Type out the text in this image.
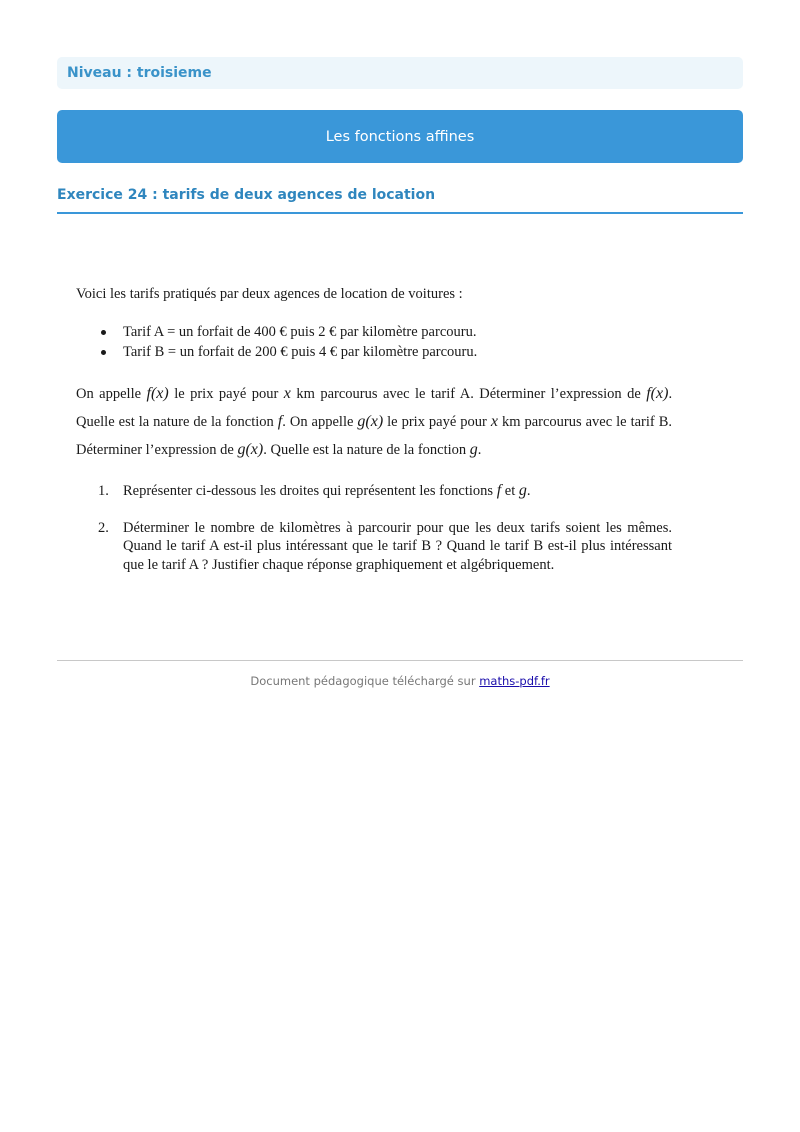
Niveau : troisieme
Les fonctions affines
Exercice 24 : tarifs de deux agences de location

Voici les tarifs pratiqués par deux agences de location de voitures :

Tarif A = un forfait de 400 € puis 2 € par kilomètre parcouru.
Tarif B = un forfait de 200 € puis 4 € par kilomètre parcouru.

On appelle f(x) le prix payé pour x km parcourus avec le tarif A. Déterminer l’expression de f(x). Quelle est la nature de la fonction f. On appelle g(x) le prix payé pour x km parcourus avec le tarif B. Déterminer l’expression de g(x). Quelle est la nature de la fonction g.

1. Représenter ci-dessous les droites qui représentent les fonctions f et g.
2. Déterminer le nombre de kilomètres à parcourir pour que les deux tarifs soient les mêmes. Quand le tarif A est-il plus intéressant que le tarif B ? Quand le tarif B est-il plus intéressant que le tarif A ? Justifier chaque réponse graphiquement et algébriquement.
Document pédagogique téléchargé sur maths-pdf.fr
